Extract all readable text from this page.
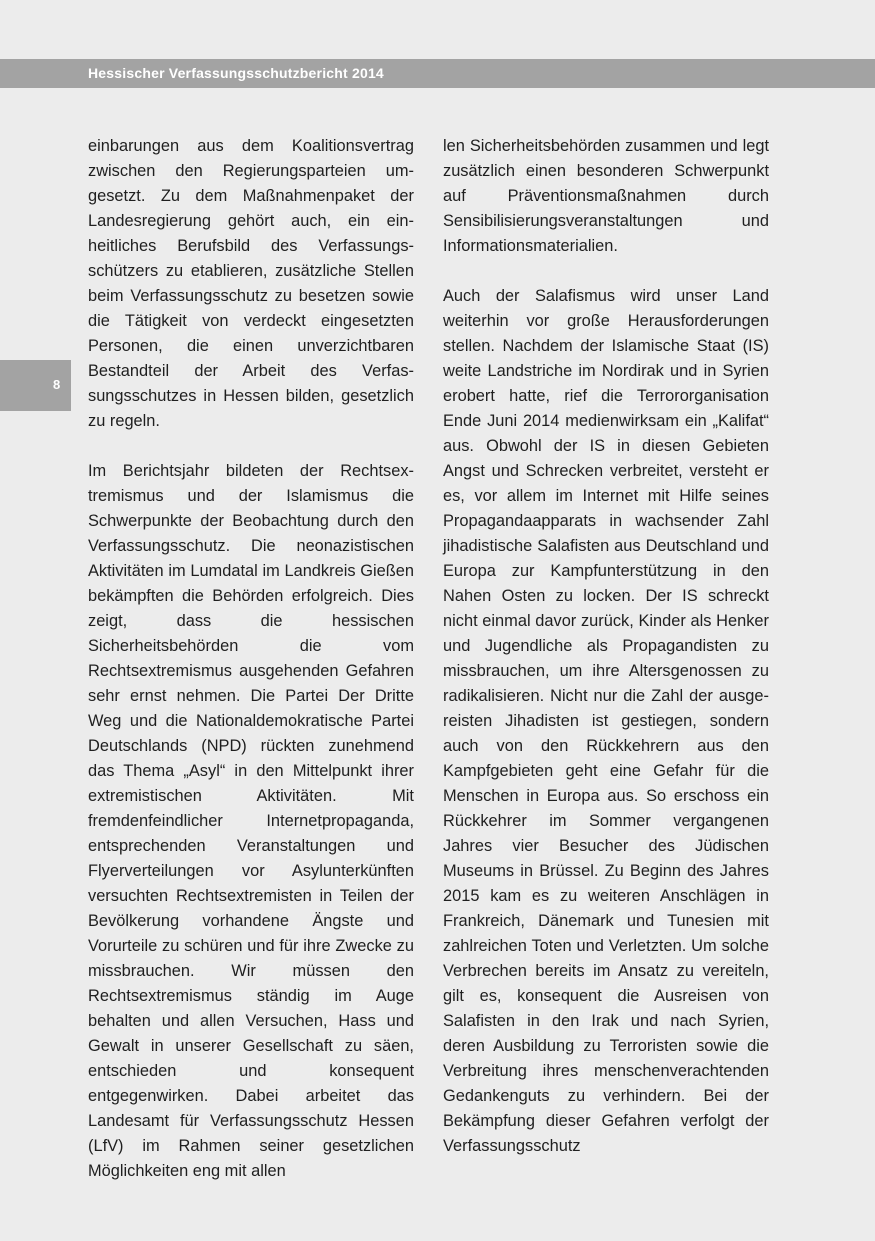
Hessischer Verfassungsschutzbericht 2014
8

einbarungen aus dem Koalitionsvertrag zwischen den Regierungsparteien umgesetzt. Zu dem Maßnahmenpaket der Landesregierung gehört auch, ein einheitliches Berufsbild des Verfassungsschützers zu etablieren, zusätzliche Stellen beim Verfassungsschutz zu besetzen sowie die Tätigkeit von verdeckt eingesetzten Personen, die einen unverzichtbaren Bestandteil der Arbeit des Verfassungsschutzes in Hessen bilden, gesetzlich zu regeln.

Im Berichtsjahr bildeten der Rechtsextremismus und der Islamismus die Schwerpunkte der Beobachtung durch den Verfassungsschutz. Die neonazistischen Aktivitäten im Lumdatal im Landkreis Gießen bekämpften die Behörden erfolgreich. Dies zeigt, dass die hessischen Sicherheitsbehörden die vom Rechtsextremismus ausgehenden Gefahren sehr ernst nehmen. Die Partei Der Dritte Weg und die Nationaldemokratische Partei Deutschlands (NPD) rückten zunehmend das Thema „Asyl“ in den Mittelpunkt ihrer extremistischen Aktivitäten. Mit fremdenfeindlicher Internetpropaganda, entsprechenden Veranstaltungen und Flyerverteilungen vor Asylunterkünften versuchten Rechtsextremisten in Teilen der Bevölkerung vorhandene Ängste und Vorurteile zu schüren und für ihre Zwecke zu missbrauchen. Wir müssen den Rechtsextremismus ständig im Auge behalten und allen Versuchen, Hass und Gewalt in unserer Gesellschaft zu säen, entschieden und konsequent entgegenwirken. Dabei arbeitet das Landesamt für Verfassungsschutz Hessen (LfV) im Rahmen seiner gesetzlichen Möglichkeiten eng mit allen

len Sicherheitsbehörden zusammen und legt zusätzlich einen besonderen Schwerpunkt auf Präventionsmaßnahmen durch Sensibilisierungsveranstaltungen und Informationsmaterialien.

Auch der Salafismus wird unser Land weiterhin vor große Herausforderungen stellen. Nachdem der Islamische Staat (IS) weite Landstriche im Nordirak und in Syrien erobert hatte, rief die Terrororganisation Ende Juni 2014 medienwirksam ein „Kalifat“ aus. Obwohl der IS in diesen Gebieten Angst und Schrecken verbreitet, versteht er es, vor allem im Internet mit Hilfe seines Propagandaapparats in wachsender Zahl jihadistische Salafisten aus Deutschland und Europa zur Kampfunterstützung in den Nahen Osten zu locken. Der IS schreckt nicht einmal davor zurück, Kinder als Henker und Jugendliche als Propagandisten zu missbrauchen, um ihre Altersgenossen zu radikalisieren. Nicht nur die Zahl der ausgereisten Jihadisten ist gestiegen, sondern auch von den Rückkehrern aus den Kampfgebieten geht eine Gefahr für die Menschen in Europa aus. So erschoss ein Rückkehrer im Sommer vergangenen Jahres vier Besucher des Jüdischen Museums in Brüssel. Zu Beginn des Jahres 2015 kam es zu weiteren Anschlägen in Frankreich, Dänemark und Tunesien mit zahlreichen Toten und Verletzten. Um solche Verbrechen bereits im Ansatz zu vereiteln, gilt es, konsequent die Ausreisen von Salafisten in den Irak und nach Syrien, deren Ausbildung zu Terroristen sowie die Verbreitung ihres menschenverachtenden Gedankenguts zu verhindern. Bei der Bekämpfung dieser Gefahren verfolgt der Verfassungsschutz
